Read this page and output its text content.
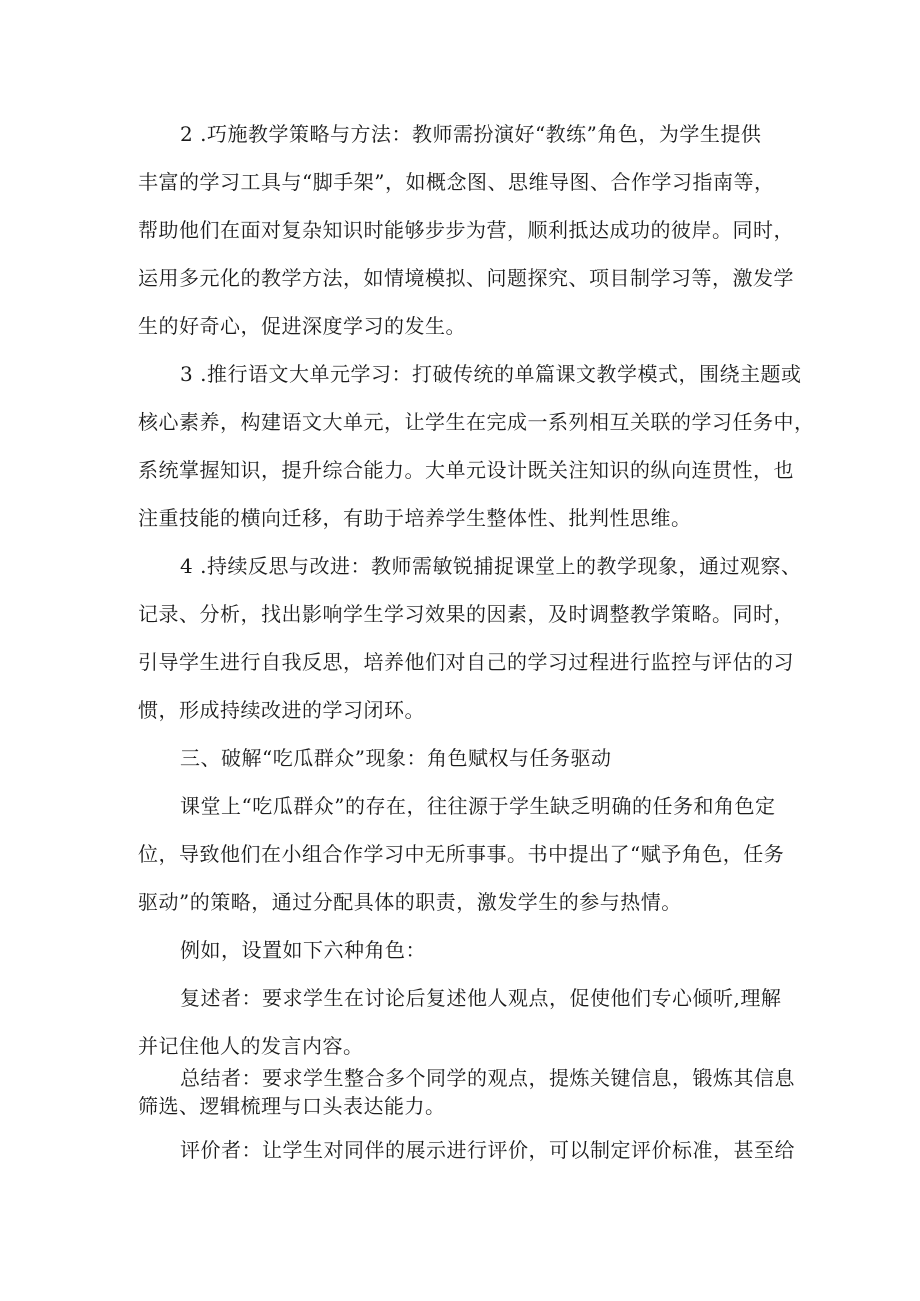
2 .巧施教学策略与方法：教师需扮演好“教练”角色，为学生提供
丰富的学习工具与“脚手架”，如概念图、思维导图、合作学习指南等，
帮助他们在面对复杂知识时能够步步为营，顺利抵达成功的彼岸。同时，
运用多元化的教学方法，如情境模拟、问题探究、项目制学习等，激发学
生的好奇心，促进深度学习的发生。
3 .推行语文大单元学习：打破传统的单篇课文教学模式，围绕主题或
核心素养，构建语文大单元，让学生在完成一系列相互关联的学习任务中，
系统掌握知识，提升综合能力。大单元设计既关注知识的纵向连贯性，也
注重技能的横向迁移，有助于培养学生整体性、批判性思维。
4 .持续反思与改进：教师需敏锐捕捉课堂上的教学现象，通过观察、
记录、分析，找出影响学生学习效果的因素，及时调整教学策略。同时，
引导学生进行自我反思，培养他们对自己的学习过程进行监控与评估的习
惯，形成持续改进的学习闭环。
三、破解“吃瓜群众”现象：角色赋权与任务驱动
课堂上“吃瓜群众”的存在，往往源于学生缺乏明确的任务和角色定
位，导致他们在小组合作学习中无所事事。书中提出了“赋予角色，任务
驱动”的策略，通过分配具体的职责，激发学生的参与热情。
例如，设置如下六种角色：
复述者：要求学生在讨论后复述他人观点，促使他们专心倾听,理解
并记住他人的发言内容。
总结者：要求学生整合多个同学的观点，提炼关键信息，锻炼其信息
筛选、逻辑梳理与口头表达能力。
评价者：让学生对同伴的展示进行评价，可以制定评价标准，甚至给
